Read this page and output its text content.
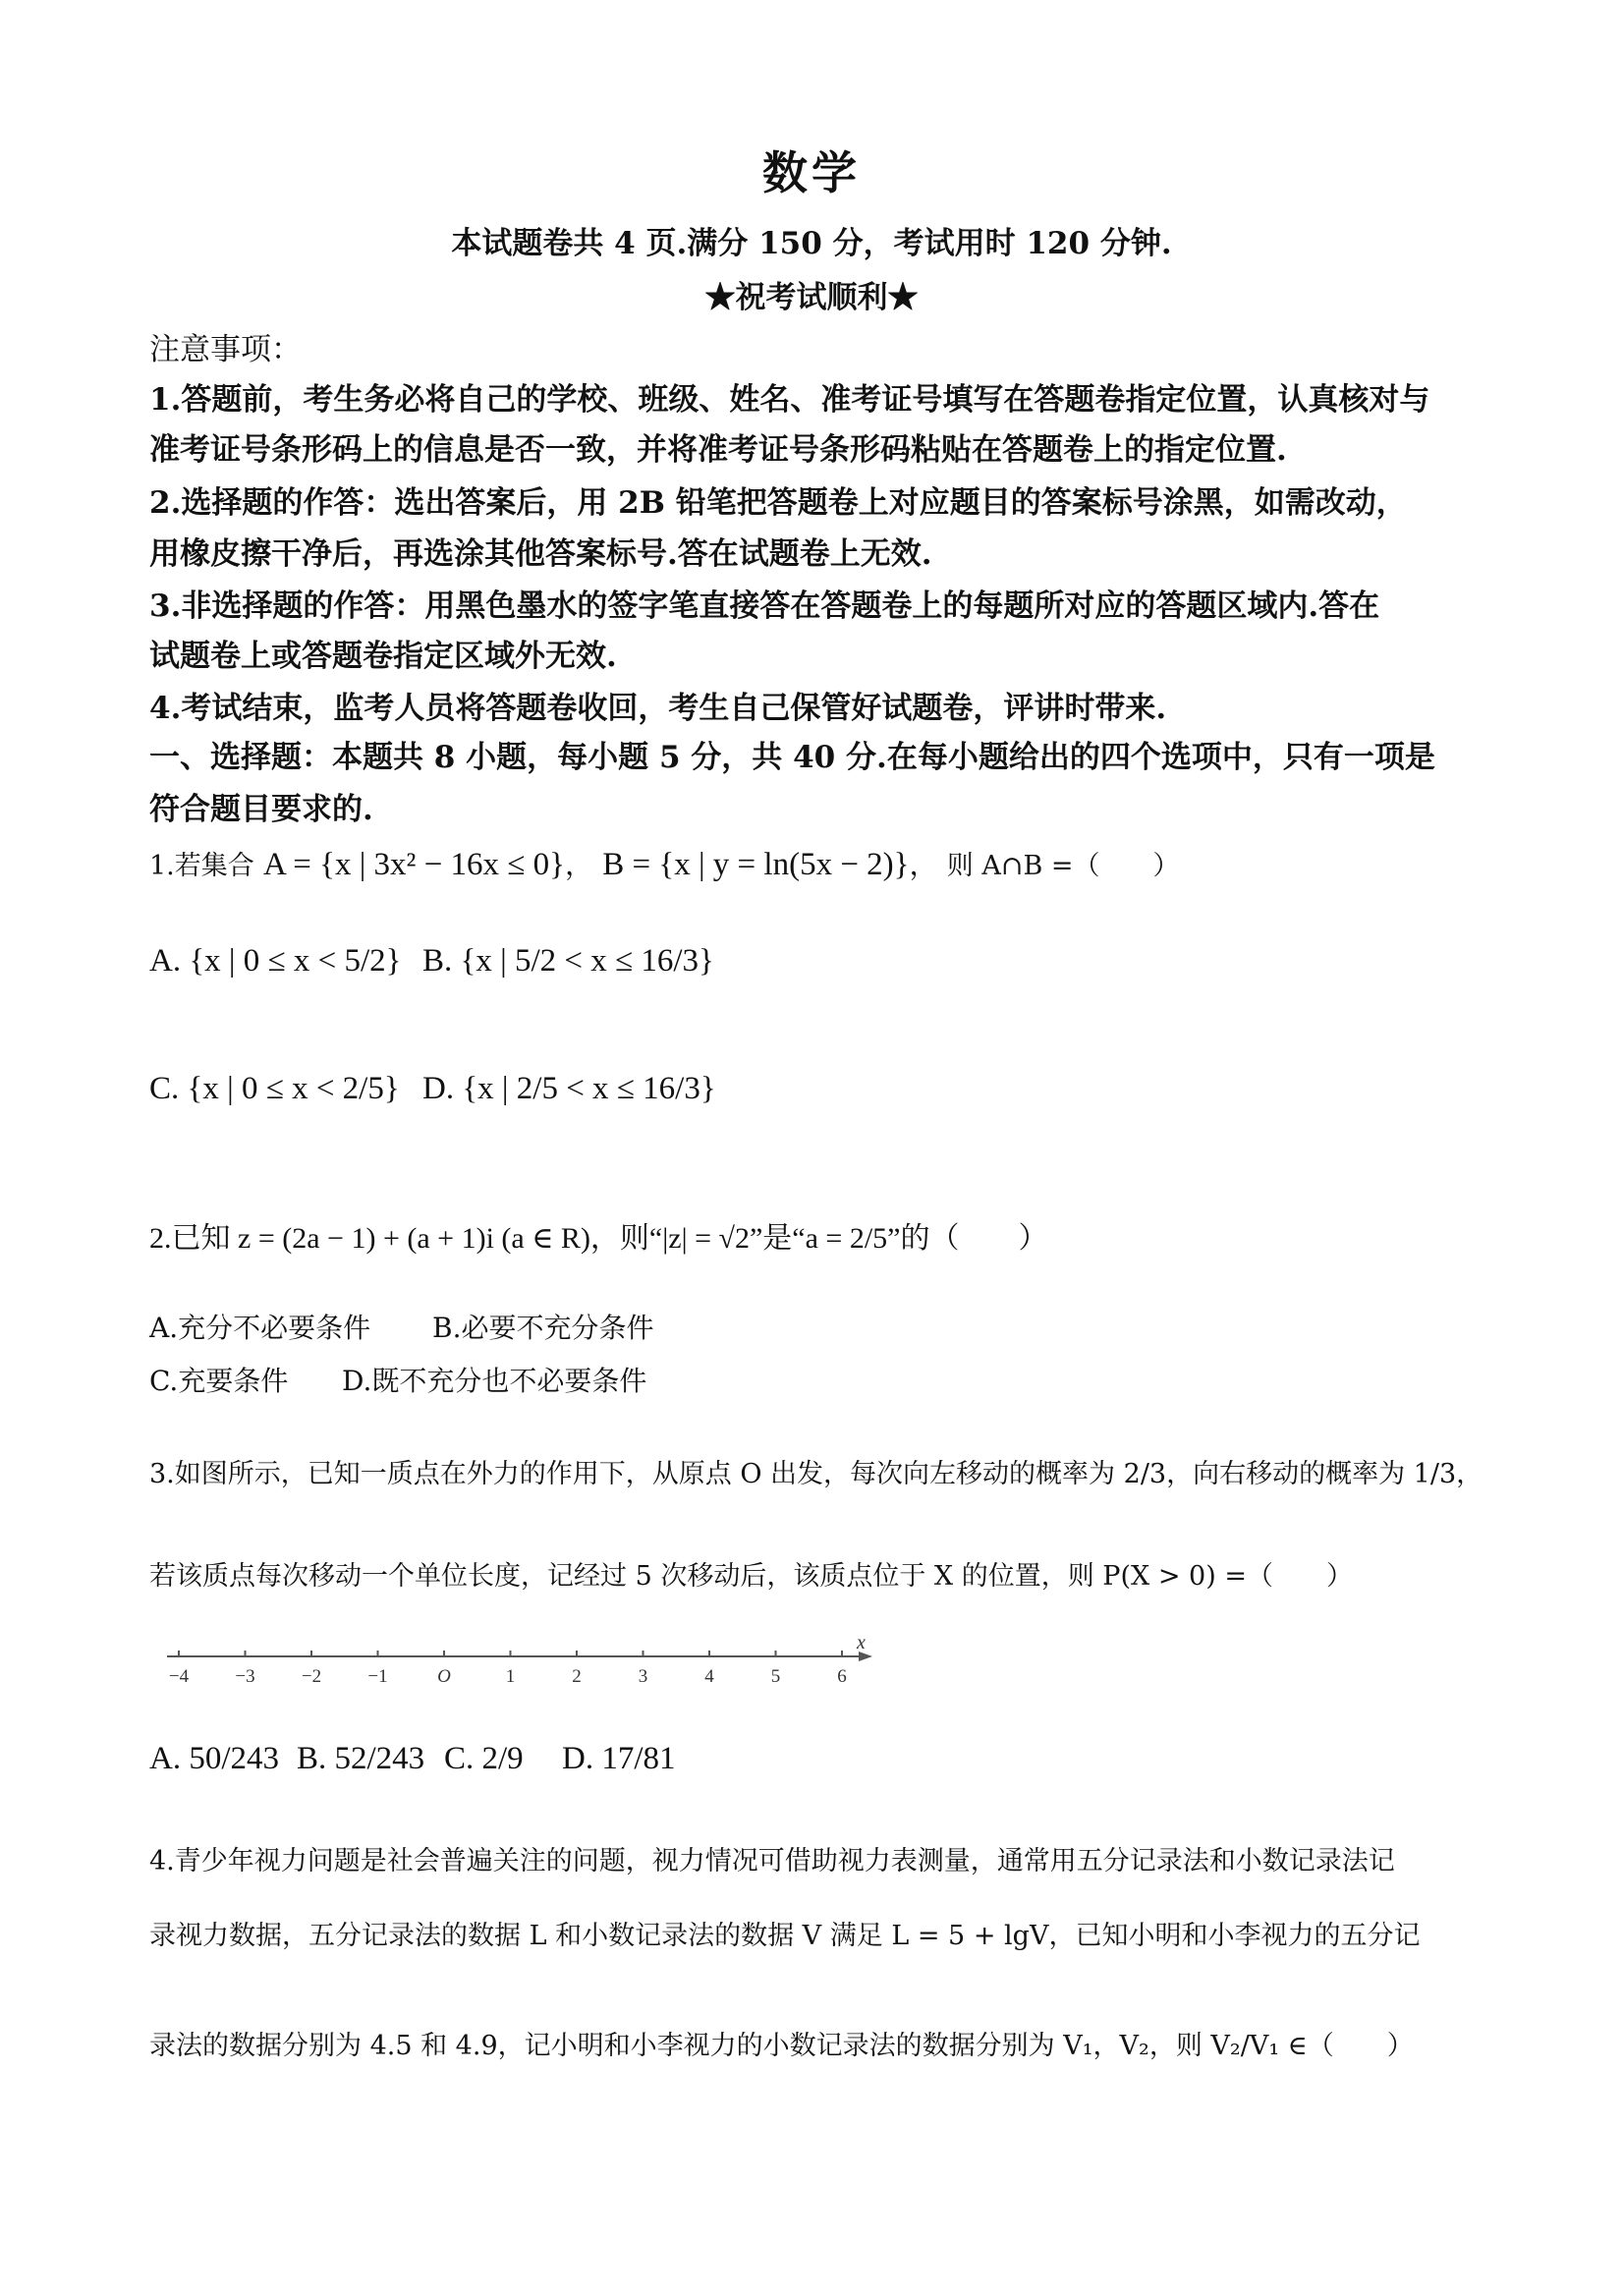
数学
本试题卷共 4 页.满分 150 分，考试用时 120 分钟.
★祝考试顺利★
注意事项：
1.答题前，考生务必将自己的学校、班级、姓名、准考证号填写在答题卷指定位置，认真核对与
准考证号条形码上的信息是否一致，并将准考证号条形码粘贴在答题卷上的指定位置.
2.选择题的作答：选出答案后，用 2B 铅笔把答题卷上对应题目的答案标号涂黑，如需改动，
用橡皮擦干净后，再选涂其他答案标号.答在试题卷上无效.
3.非选择题的作答：用黑色墨水的签字笔直接答在答题卷上的每题所对应的答题区域内.答在
试题卷上或答题卷指定区域外无效.
4.考试结束，监考人员将答题卷收回，考生自己保管好试题卷，评讲时带来.
一、选择题：本题共 8 小题，每小题 5 分，共 40 分.在每小题给出的四个选项中，只有一项是
符合题目要求的.
1.若集合 A = {x | 3x² − 16x ≤ 0}， B = {x | y = ln(5x − 2)}， 则 A∩B =（　　）
A. {x | 0 ≤ x < 5/2} B. {x | 5/2 < x ≤ 16/3}
C. {x | 0 ≤ x < 2/5} D. {x | 2/5 < x ≤ 16/3}
2.已知 z = (2a − 1) + (a + 1)i (a ∈ R)，则“|z| = √2”是“a = 2/5”的（　　）
A.充分不必要条件 B.必要不充分条件
C.充要条件 D.既不充分也不必要条件
3.如图所示，已知一质点在外力的作用下，从原点 O 出发，每次向左移动的概率为 2/3，向右移动的概率为 1/3，
若该质点每次移动一个单位长度，记经过 5 次移动后，该质点位于 X 的位置，则 P(X > 0) =（　　）
x
−4 −3 −2 −1	O	1	2	3	4	5	6
A. 50/243 B. 52/243 C. 2/9 D. 17/81
4.青少年视力问题是社会普遍关注的问题，视力情况可借助视力表测量，通常用五分记录法和小数记录法记
录视力数据，五分记录法的数据 L 和小数记录法的数据 V 满足 L = 5 + lgV，已知小明和小李视力的五分记
录法的数据分别为 4.5 和 4.9，记小明和小李视力的小数记录法的数据分别为 V₁，V₂，则 V₂/V₁ ∈（　　）
